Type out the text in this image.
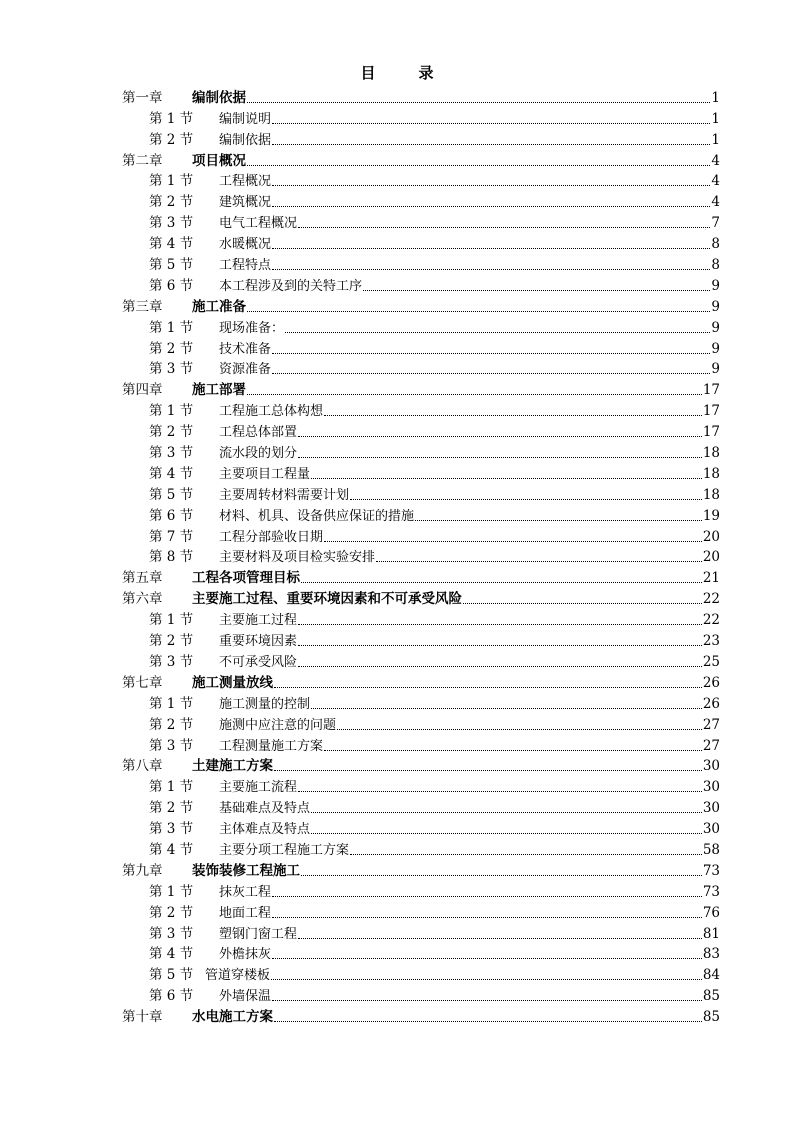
目　录
第一章	编制依据	1
第 1 节	编制说明	1
第 2 节	编制依据	1
第二章	项目概况	4
第 1 节	工程概况	4
第 2 节	建筑概况	4
第 3 节	电气工程概况	7
第 4 节	水暖概况	8
第 5 节	工程特点	8
第 6 节	本工程涉及到的关特工序	9
第三章	施工准备	9
第 1 节	现场准备：	9
第 2 节	技术准备	9
第 3 节	资源准备	9
第四章	施工部署	17
第 1 节	工程施工总体构想	17
第 2 节	工程总体部置	17
第 3 节	流水段的划分	18
第 4 节	主要项目工程量	18
第 5 节	主要周转材料需要计划	18
第 6 节	材料、机具、设备供应保证的措施	19
第 7 节	工程分部验收日期	20
第 8 节	主要材料及项目检实验安排	20
第五章	工程各项管理目标	21
第六章	主要施工过程、重要环境因素和不可承受风险	22
第 1 节	主要施工过程	22
第 2 节	重要环境因素	23
第 3 节	不可承受风险	25
第七章	施工测量放线	26
第 1 节	施工测量的控制	26
第 2 节	施测中应注意的问题	27
第 3 节	工程测量施工方案	27
第八章	土建施工方案	30
第 1 节	主要施工流程	30
第 2 节	基础难点及特点	30
第 3 节	主体难点及特点	30
第 4 节	主要分项工程施工方案	58
第九章	装饰装修工程施工	73
第 1 节	抹灰工程	73
第 2 节	地面工程	76
第 3 节	塑钢门窗工程	81
第 4 节	外檐抹灰	83
第 5 节 管道穿楼板	84
第 6 节	外墙保温	85
第十章	水电施工方案	85
